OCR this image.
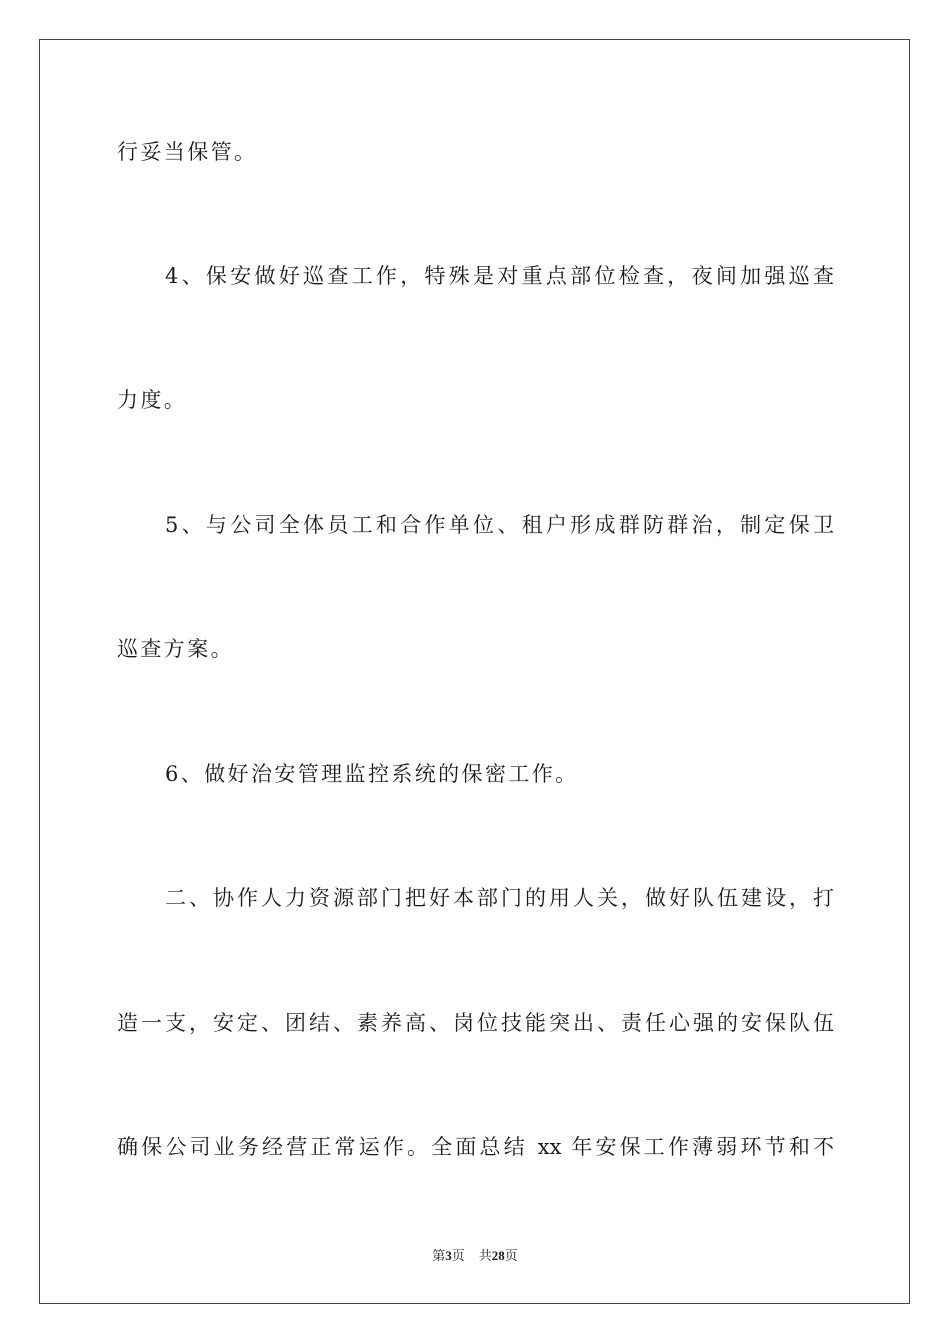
行妥当保管。
4、保安做好巡查工作，特殊是对重点部位检查，夜间加强巡查
力度。
5、与公司全体员工和合作单位、租户形成群防群治，制定保卫
巡查方案。
6、做好治安管理监控系统的保密工作。
二、协作人力资源部门把好本部门的用人关，做好队伍建设，打
造一支，安定、团结、素养高、岗位技能突出、责任心强的安保队伍
确保公司业务经营正常运作。全面总结 xx 年安保工作薄弱环节和不
第3页 共28页
